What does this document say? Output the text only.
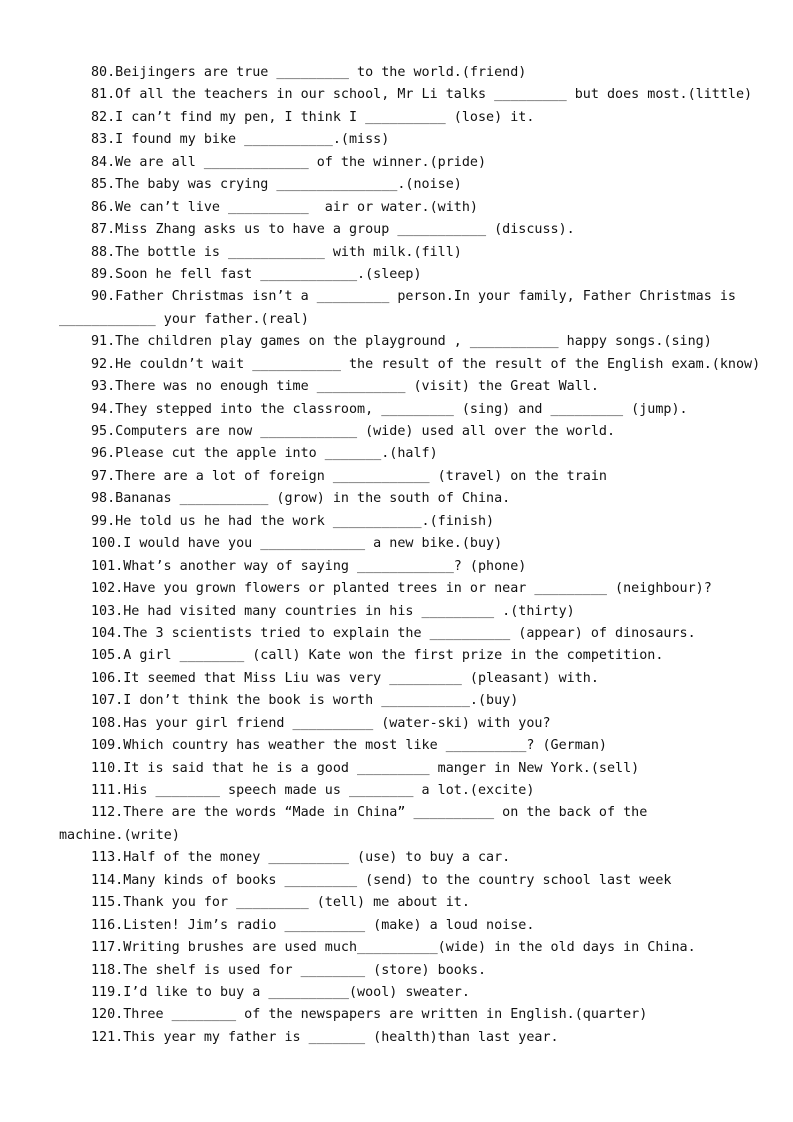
80.Beijingers are true _________ to the world.(friend)
81.Of all the teachers in our school, Mr Li talks _________ but does most.(little)
82.I can’t find my pen, I think I __________ (lose) it.
83.I found my bike ___________.(miss)
84.We are all _____________ of the winner.(pride)
85.The baby was crying _______________.(noise)
86.We can’t live __________  air or water.(with)
87.Miss Zhang asks us to have a group ___________ (discuss).
88.The bottle is ____________ with milk.(fill)
89.Soon he fell fast ____________.(sleep)
90.Father Christmas isn’t a _________ person.In your family, Father Christmas is
____________ your father.(real)
91.The children play games on the playground , ___________ happy songs.(sing)
92.He couldn’t wait ___________ the result of the result of the English exam.(know)
93.There was no enough time ___________ (visit) the Great Wall.
94.They stepped into the classroom, _________ (sing) and _________ (jump).
95.Computers are now ____________ (wide) used all over the world.
96.Please cut the apple into _______.(half)
97.There are a lot of foreign ____________ (travel) on the train
98.Bananas ___________ (grow) in the south of China.
99.He told us he had the work ___________.(finish)
100.I would have you _____________ a new bike.(buy)
101.What’s another way of saying ____________? (phone)
102.Have you grown flowers or planted trees in or near _________ (neighbour)?
103.He had visited many countries in his _________ .(thirty)
104.The 3 scientists tried to explain the __________ (appear) of dinosaurs.
105.A girl ________ (call) Kate won the first prize in the competition.
106.It seemed that Miss Liu was very _________ (pleasant) with.
107.I don’t think the book is worth ___________.(buy)
108.Has your girl friend __________ (water-ski) with you?
109.Which country has weather the most like __________? (German)
110.It is said that he is a good _________ manger in New York.(sell)
111.His ________ speech made us ________ a lot.(excite)
112.There are the words “Made in China” __________ on the back of the
machine.(write)
113.Half of the money __________ (use) to buy a car.
114.Many kinds of books _________ (send) to the country school last week
115.Thank you for _________ (tell) me about it.
116.Listen! Jim’s radio __________ (make) a loud noise.
117.Writing brushes are used much__________(wide) in the old days in China.
118.The shelf is used for ________ (store) books.
119.I’d like to buy a __________(wool) sweater.
120.Three ________ of the newspapers are written in English.(quarter)
121.This year my father is _______ (health)than last year.
